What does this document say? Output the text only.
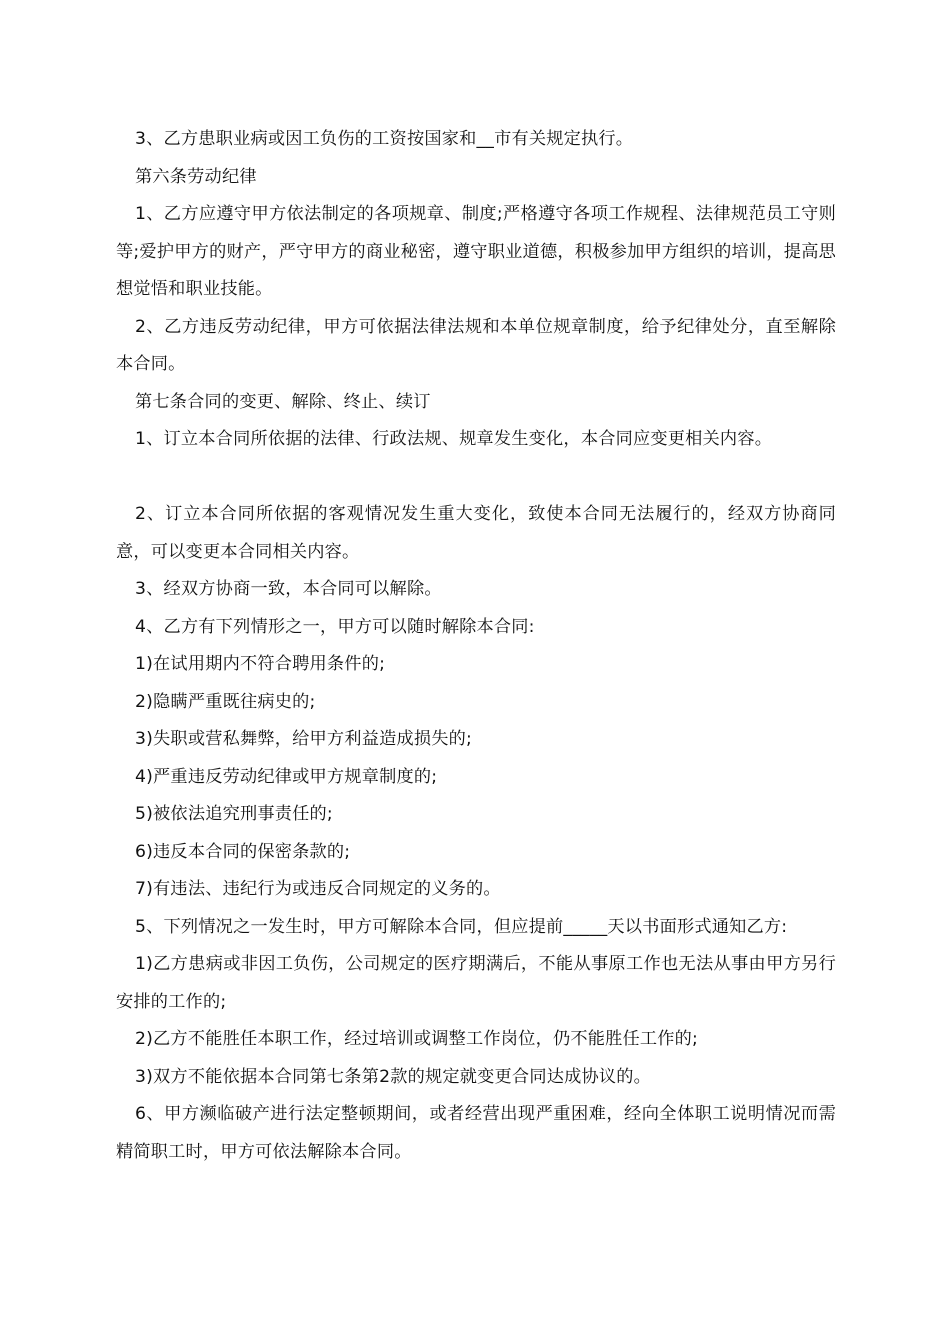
3、乙方患职业病或因工负伤的工资按国家和__市有关规定执行。

第六条劳动纪律

1、乙方应遵守甲方依法制定的各项规章、制度;严格遵守各项工作规程、法律规范员工守则等;爱护甲方的财产，严守甲方的商业秘密，遵守职业道德，积极参加甲方组织的培训，提高思想觉悟和职业技能。

2、乙方违反劳动纪律，甲方可依据法律法规和本单位规章制度，给予纪律处分，直至解除本合同。

第七条合同的变更、解除、终止、续订

1、订立本合同所依据的法律、行政法规、规章发生变化，本合同应变更相关内容。

2、订立本合同所依据的客观情况发生重大变化，致使本合同无法履行的，经双方协商同意，可以变更本合同相关内容。

3、经双方协商一致，本合同可以解除。

4、乙方有下列情形之一，甲方可以随时解除本合同:

1)在试用期内不符合聘用条件的;

2)隐瞒严重既往病史的;

3)失职或营私舞弊，给甲方利益造成损失的;

4)严重违反劳动纪律或甲方规章制度的;

5)被依法追究刑事责任的;

6)违反本合同的保密条款的;

7)有违法、违纪行为或违反合同规定的义务的。

5、下列情况之一发生时，甲方可解除本合同，但应提前_____天以书面形式通知乙方:

1)乙方患病或非因工负伤，公司规定的医疗期满后，不能从事原工作也无法从事由甲方另行安排的工作的;

2)乙方不能胜任本职工作，经过培训或调整工作岗位，仍不能胜任工作的;

3)双方不能依据本合同第七条第2款的规定就变更合同达成协议的。

6、甲方濒临破产进行法定整顿期间，或者经营出现严重困难，经向全体职工说明情况而需精简职工时，甲方可依法解除本合同。
